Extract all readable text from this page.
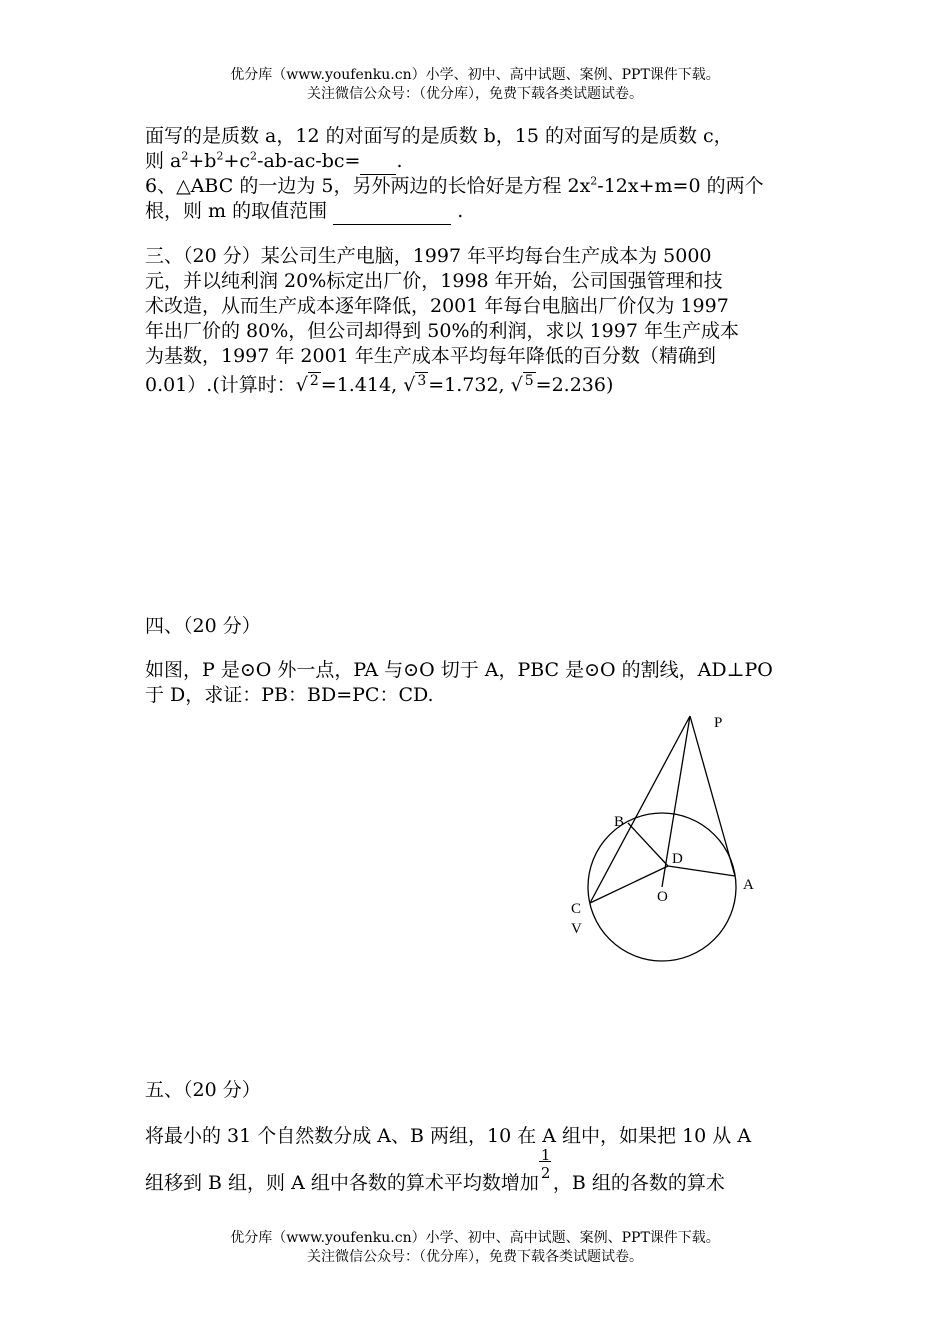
优分库（www.youfenku.cn）小学、初中、高中试题、案例、PPT课件下载。
关注微信公众号：（优分库），免费下载各类试题试卷。
面写的是质数 a，12 的对面写的是质数 b，15 的对面写的是质数 c，
则 $a^2+b^2+c^2-ab-ac-bc=$ .
6、△ABC 的一边为 5，另外两边的长恰好是方程 $2x^2-12x+m=0$ 的两个
根，则 m 的取值范围	.
三、（20 分）某公司生产电脑，1997 年平均每台生产成本为 5000
元，并以纯利润 20%标定出厂价，1998 年开始，公司国强管理和技
术改造，从而生产成本逐年降低，2001 年每台电脑出厂价仅为 1997
年出厂价的 80%，但公司却得到 50%的利润，求以 1997 年生产成本
为基数，1997 年 2001 年生产成本平均每年降低的百分数（精确到
0.01）.(计算时：√ $^2$ =1.414, √ $^3$ =1.732, √ $^5$ =2.236)
四、（20 分）
如图，P 是⊙O 外一点，PA 与⊙O 切于 A，PBC 是⊙O 的割线，AD⊥PO
于 D，求证：PB：BD=PC：CD.
P
B
D
A
O
C
V
五、（20 分）
将最小的 31 个自然数分成 A、B 两组，10 在 A 组中，如果把 10 从 A
组移到 B 组，则 A 组中各数的算术平均数增加
1
2 ，B 组的各数的算术
优分库（www.youfenku.cn）小学、初中、高中试题、案例、PPT课件下载。
关注微信公众号：（优分库），免费下载各类试题试卷。
